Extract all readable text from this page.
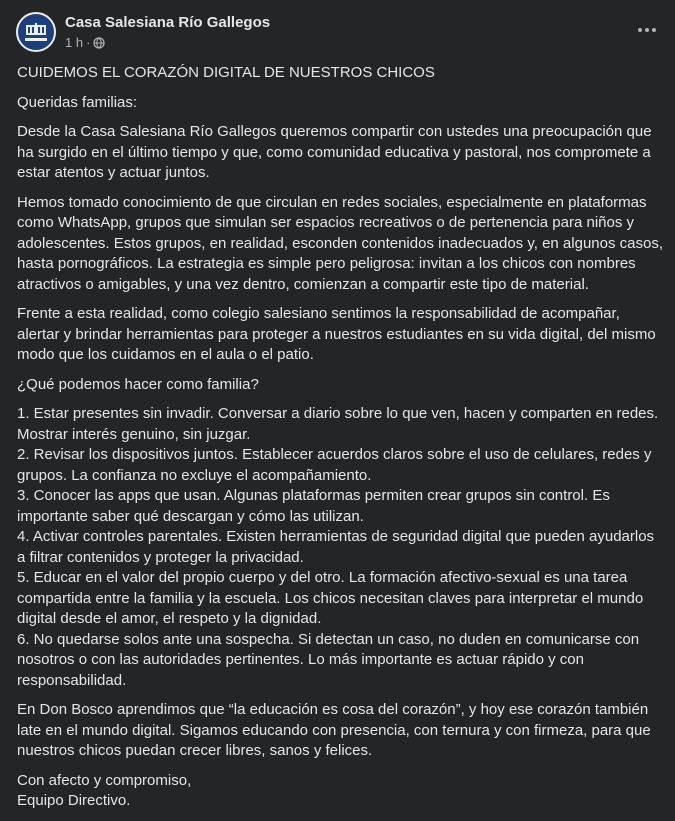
Casa Salesiana Río Gallegos
1 h ·

CUIDEMOS EL CORAZÓN DIGITAL DE NUESTROS CHICOS

Queridas familias:

Desde la Casa Salesiana Río Gallegos queremos compartir con ustedes una preocupación que ha surgido en el último tiempo y que, como comunidad educativa y pastoral, nos compromete a estar atentos y actuar juntos.

Hemos tomado conocimiento de que circulan en redes sociales, especialmente en plataformas como WhatsApp, grupos que simulan ser espacios recreativos o de pertenencia para niños y adolescentes. Estos grupos, en realidad, esconden contenidos inadecuados y, en algunos casos, hasta pornográficos. La estrategia es simple pero peligrosa: invitan a los chicos con nombres atractivos o amigables, y una vez dentro, comienzan a compartir este tipo de material.

Frente a esta realidad, como colegio salesiano sentimos la responsabilidad de acompañar, alertar y brindar herramientas para proteger a nuestros estudiantes en su vida digital, del mismo modo que los cuidamos en el aula o el patio.

¿Qué podemos hacer como familia?

1. Estar presentes sin invadir. Conversar a diario sobre lo que ven, hacen y comparten en redes. Mostrar interés genuino, sin juzgar.
2. Revisar los dispositivos juntos. Establecer acuerdos claros sobre el uso de celulares, redes y grupos. La confianza no excluye el acompañamiento.
3. Conocer las apps que usan. Algunas plataformas permiten crear grupos sin control. Es importante saber qué descargan y cómo las utilizan.
4. Activar controles parentales. Existen herramientas de seguridad digital que pueden ayudarlos a filtrar contenidos y proteger la privacidad.
5. Educar en el valor del propio cuerpo y del otro. La formación afectivo-sexual es una tarea compartida entre la familia y la escuela. Los chicos necesitan claves para interpretar el mundo digital desde el amor, el respeto y la dignidad.
6. No quedarse solos ante una sospecha. Si detectan un caso, no duden en comunicarse con nosotros o con las autoridades pertinentes. Lo más importante es actuar rápido y con responsabilidad.

En Don Bosco aprendimos que “la educación es cosa del corazón”, y hoy ese corazón también late en el mundo digital. Sigamos educando con presencia, con ternura y con firmeza, para que nuestros chicos puedan crecer libres, sanos y felices.

Con afecto y compromiso,
Equipo Directivo.
